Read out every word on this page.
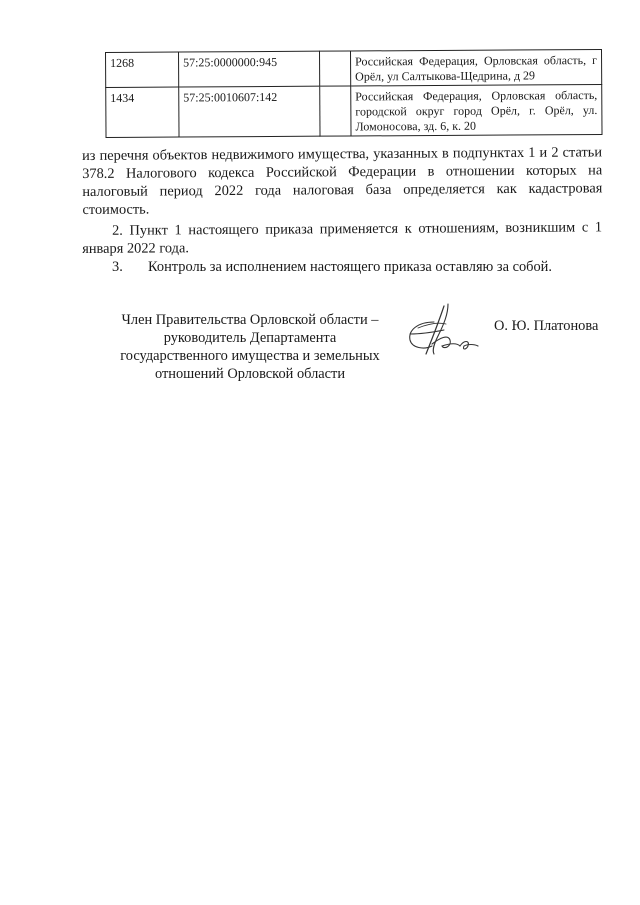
1268	57:25:0000000:945		Российская Федерация, Орловская область, г Орёл, ул Салтыкова-Щедрина, д 29
1434	57:25:0010607:142		Российская Федерация, Орловская область, городской округ город Орёл, г. Орёл, ул. Ломоносова, зд. 6, к. 20
из перечня объектов недвижимого имущества, указанных в подпунктах 1 и 2 статьи 378.2 Налогового кодекса Российской Федерации в отношении которых на налоговый период 2022 года налоговая база определяется как кадастровая стоимость.
2. Пункт 1 настоящего приказа применяется к отношениям, возникшим с 1 января 2022 года.
3. Контроль за исполнением настоящего приказа оставляю за собой.
Член Правительства Орловской области –
руководитель Департамента
государственного имущества и земельных
отношений Орловской области
О. Ю. Платонова
